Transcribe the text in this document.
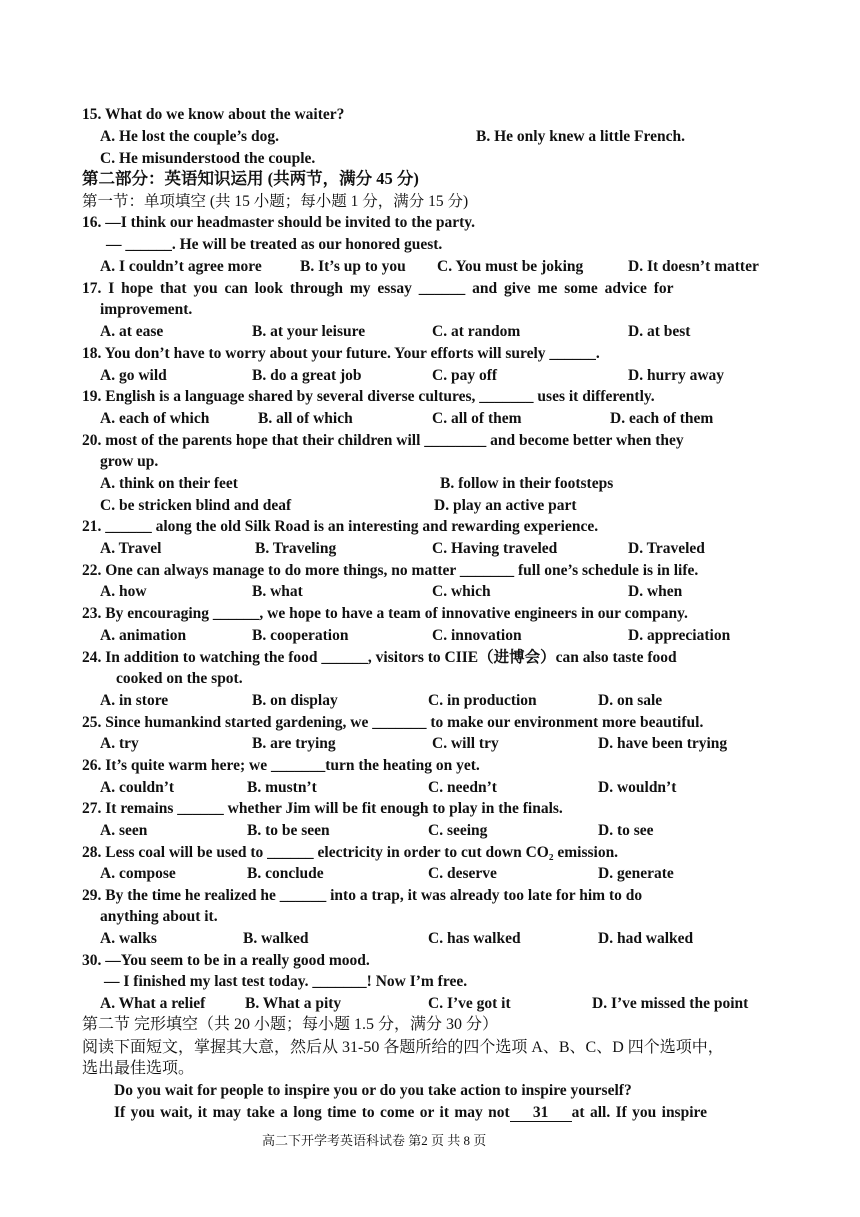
15. What do we know about the waiter?
A. He lost the couple’s dog.	B. He only knew a little French.
C. He misunderstood the couple.
第二部分：英语知识运用 (共两节，满分 45 分)
第一节：单项填空 (共 15 小题；每小题 1 分，满分 15 分)
16. —I think our headmaster should be invited to the party.
— ______. He will be treated as our honored guest.
A. I couldn’t agree more B. It’s up to you C. You must be joking	D. It doesn’t matter
17. I hope that you can look through my essay ______ and give me some advice for
improvement.
A. at ease	B. at your leisure	C. at random	D. at best
18. You don’t have to worry about your future. Your efforts will surely ______.
A. go wild	B. do a great job	C. pay off	D. hurry away
19. English is a language shared by several diverse cultures, _______ uses it differently.
A. each of which	B. all of which	C. all of them	D. each of them
20. most of the parents hope that their children will ________ and become better when they
grow up.
A. think on their feet	B. follow in their footsteps
C. be stricken blind and deaf	D. play an active part
21. ______ along the old Silk Road is an interesting and rewarding experience.
A. Travel	B. Traveling	C. Having traveled	D. Traveled
22. One can always manage to do more things, no matter _______ full one’s schedule is in life.
A. how	B. what	C. which	D. when
23. By encouraging ______, we hope to have a team of innovative engineers in our company.
A. animation	B. cooperation	C. innovation	D. appreciation
24. In addition to watching the food ______, visitors to CIIE（进博会）can also taste food
cooked on the spot.
A. in store	B. on display	C. in production	D. on sale
25. Since humankind started gardening, we _______ to make our environment more beautiful.
A. try	B. are trying	C. will try	D. have been trying
26. It’s quite warm here; we _______turn the heating on yet.
A. couldn’t	B. mustn’t	C. needn’t	D. wouldn’t
27. It remains ______ whether Jim will be fit enough to play in the finals.
A. seen	B. to be seen	C. seeing	D. to see
28. Less coal will be used to ______ electricity in order to cut down CO₂ emission.
A. compose	B. conclude	C. deserve	D. generate
29. By the time he realized he ______ into a trap, it was already too late for him to do
anything about it.
A. walks	B. walked	C. has walked	D. had walked
30. —You seem to be in a really good mood.
— I finished my last test today. _______! Now I’m free.
A. What a relief	B. What a pity	C. I’ve got it	D. I’ve missed the point
第二节 完形填空（共 20 小题；每小题 1.5 分，满分 30 分）
阅读下面短文，掌握其大意，然后从 31-50 各题所给的四个选项 A、B、C、D 四个选项中，
选出最佳选项。
Do you wait for people to inspire you or do you take action to inspire yourself?
If you wait, it may take a long time to come or it may not 31 at all. If you inspire
高二下开学考英语科试卷 第2 页 共 8 页
